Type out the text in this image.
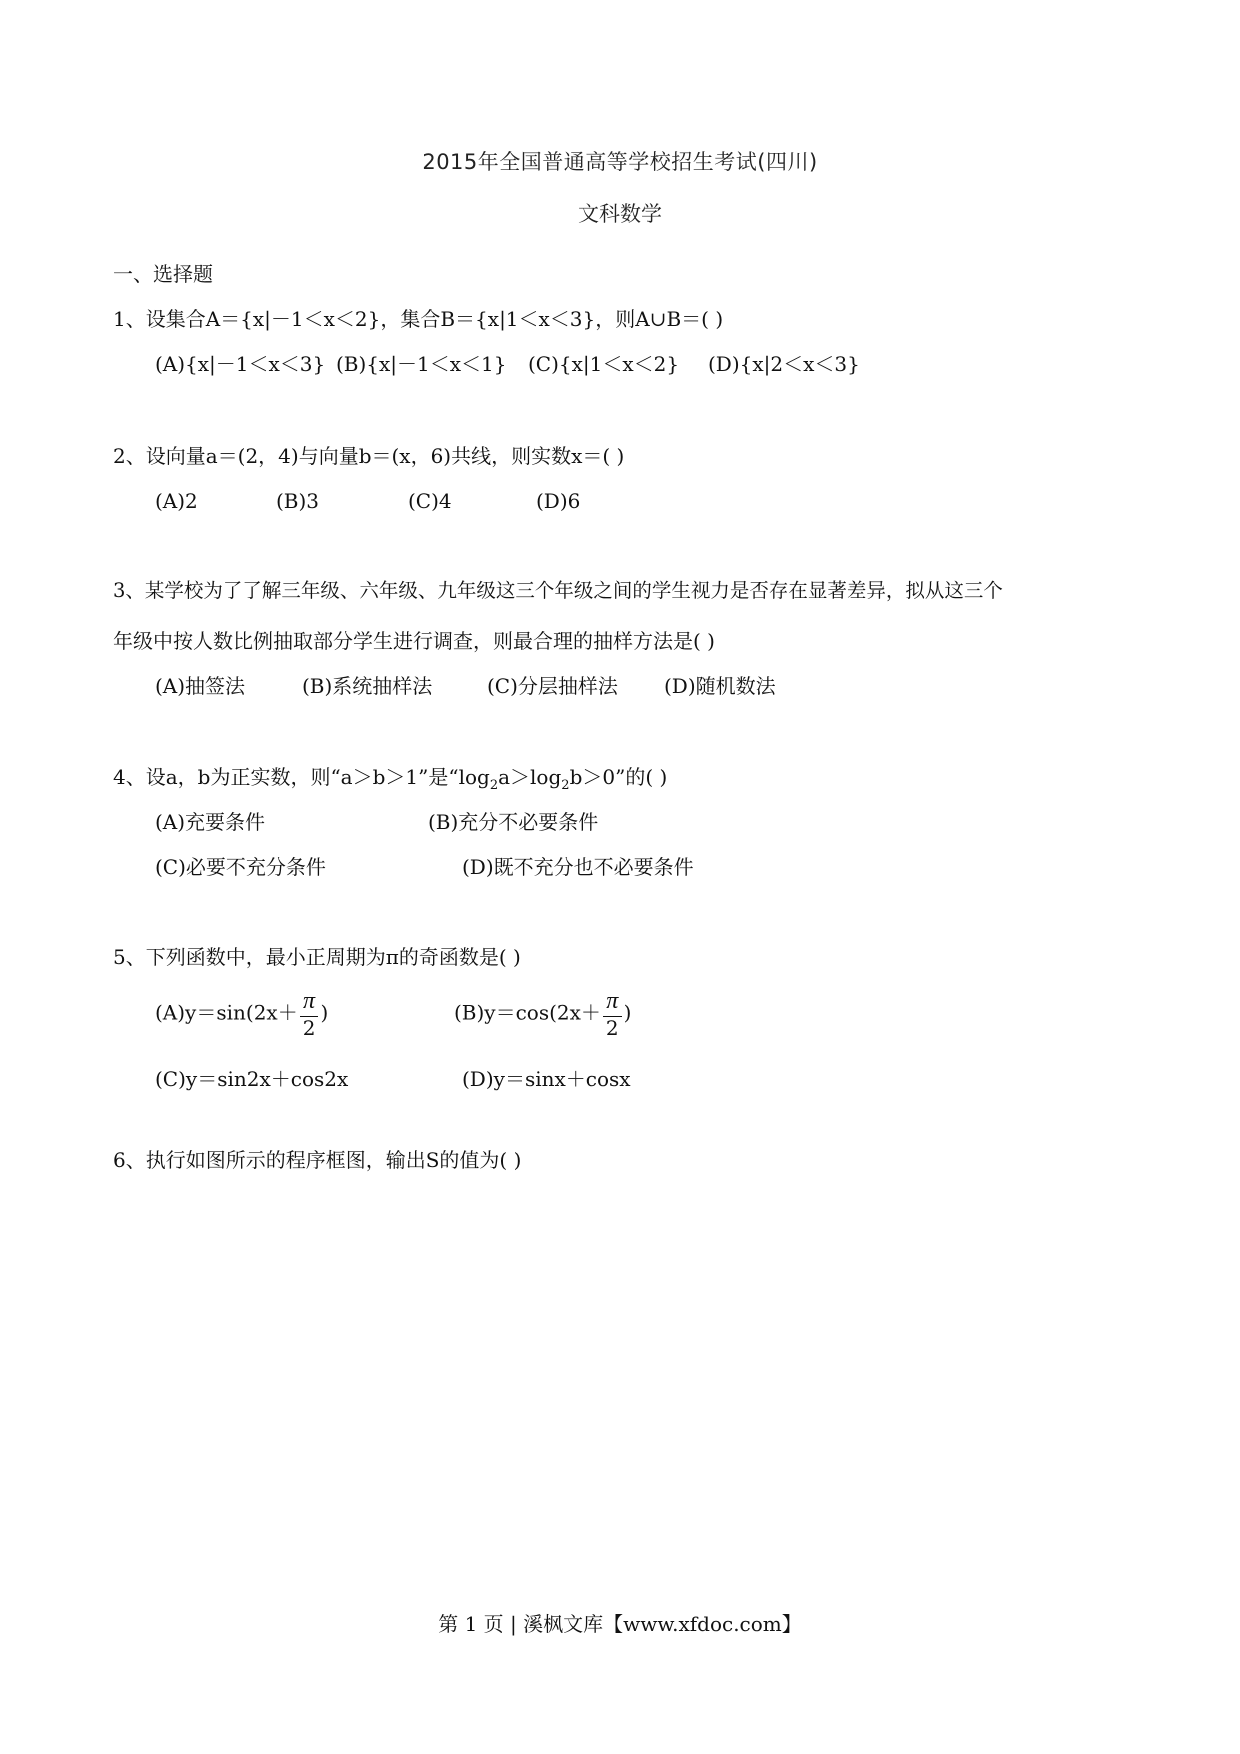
2015年全国普通高等学校招生考试(四川)
文科数学
一、选择题
1、设集合A＝{x|－1＜x＜2}，集合B＝{x|1＜x＜3}，则A∪B＝( )
(A){x|－1＜x＜3} (B){x|－1＜x＜1} (C){x|1＜x＜2} (D){x|2＜x＜3}
2、设向量a＝(2，4)与向量b＝(x，6)共线，则实数x＝( )
(A)2	(B)3	(C)4	(D)6
3、某学校为了了解三年级、六年级、九年级这三个年级之间的学生视力是否存在显著差异，拟从这三个
年级中按人数比例抽取部分学生进行调查，则最合理的抽样方法是( )
(A)抽签法	(B)系统抽样法	(C)分层抽样法 (D)随机数法
4、设a，b为正实数，则“a＞b＞1”是“$\log_2a>\log_2b>0$”的( )
(A)充要条件	(B)充分不必要条件
(C)必要不充分条件	(D)既不充分也不必要条件
5、下列函数中，最小正周期为π的奇函数是( )
$(A)y=\sin(2x+ \frac{\pi}{2}$ )	$(B)y=\cos(2x+ \frac{\pi}{2}$ )
(C)y＝sin2x＋cos2x	(D)y＝sinx＋cosx
6、执行如图所示的程序框图，输出S的值为( )
第 1 页 | 溪枫文库【www.xfdoc.com】
